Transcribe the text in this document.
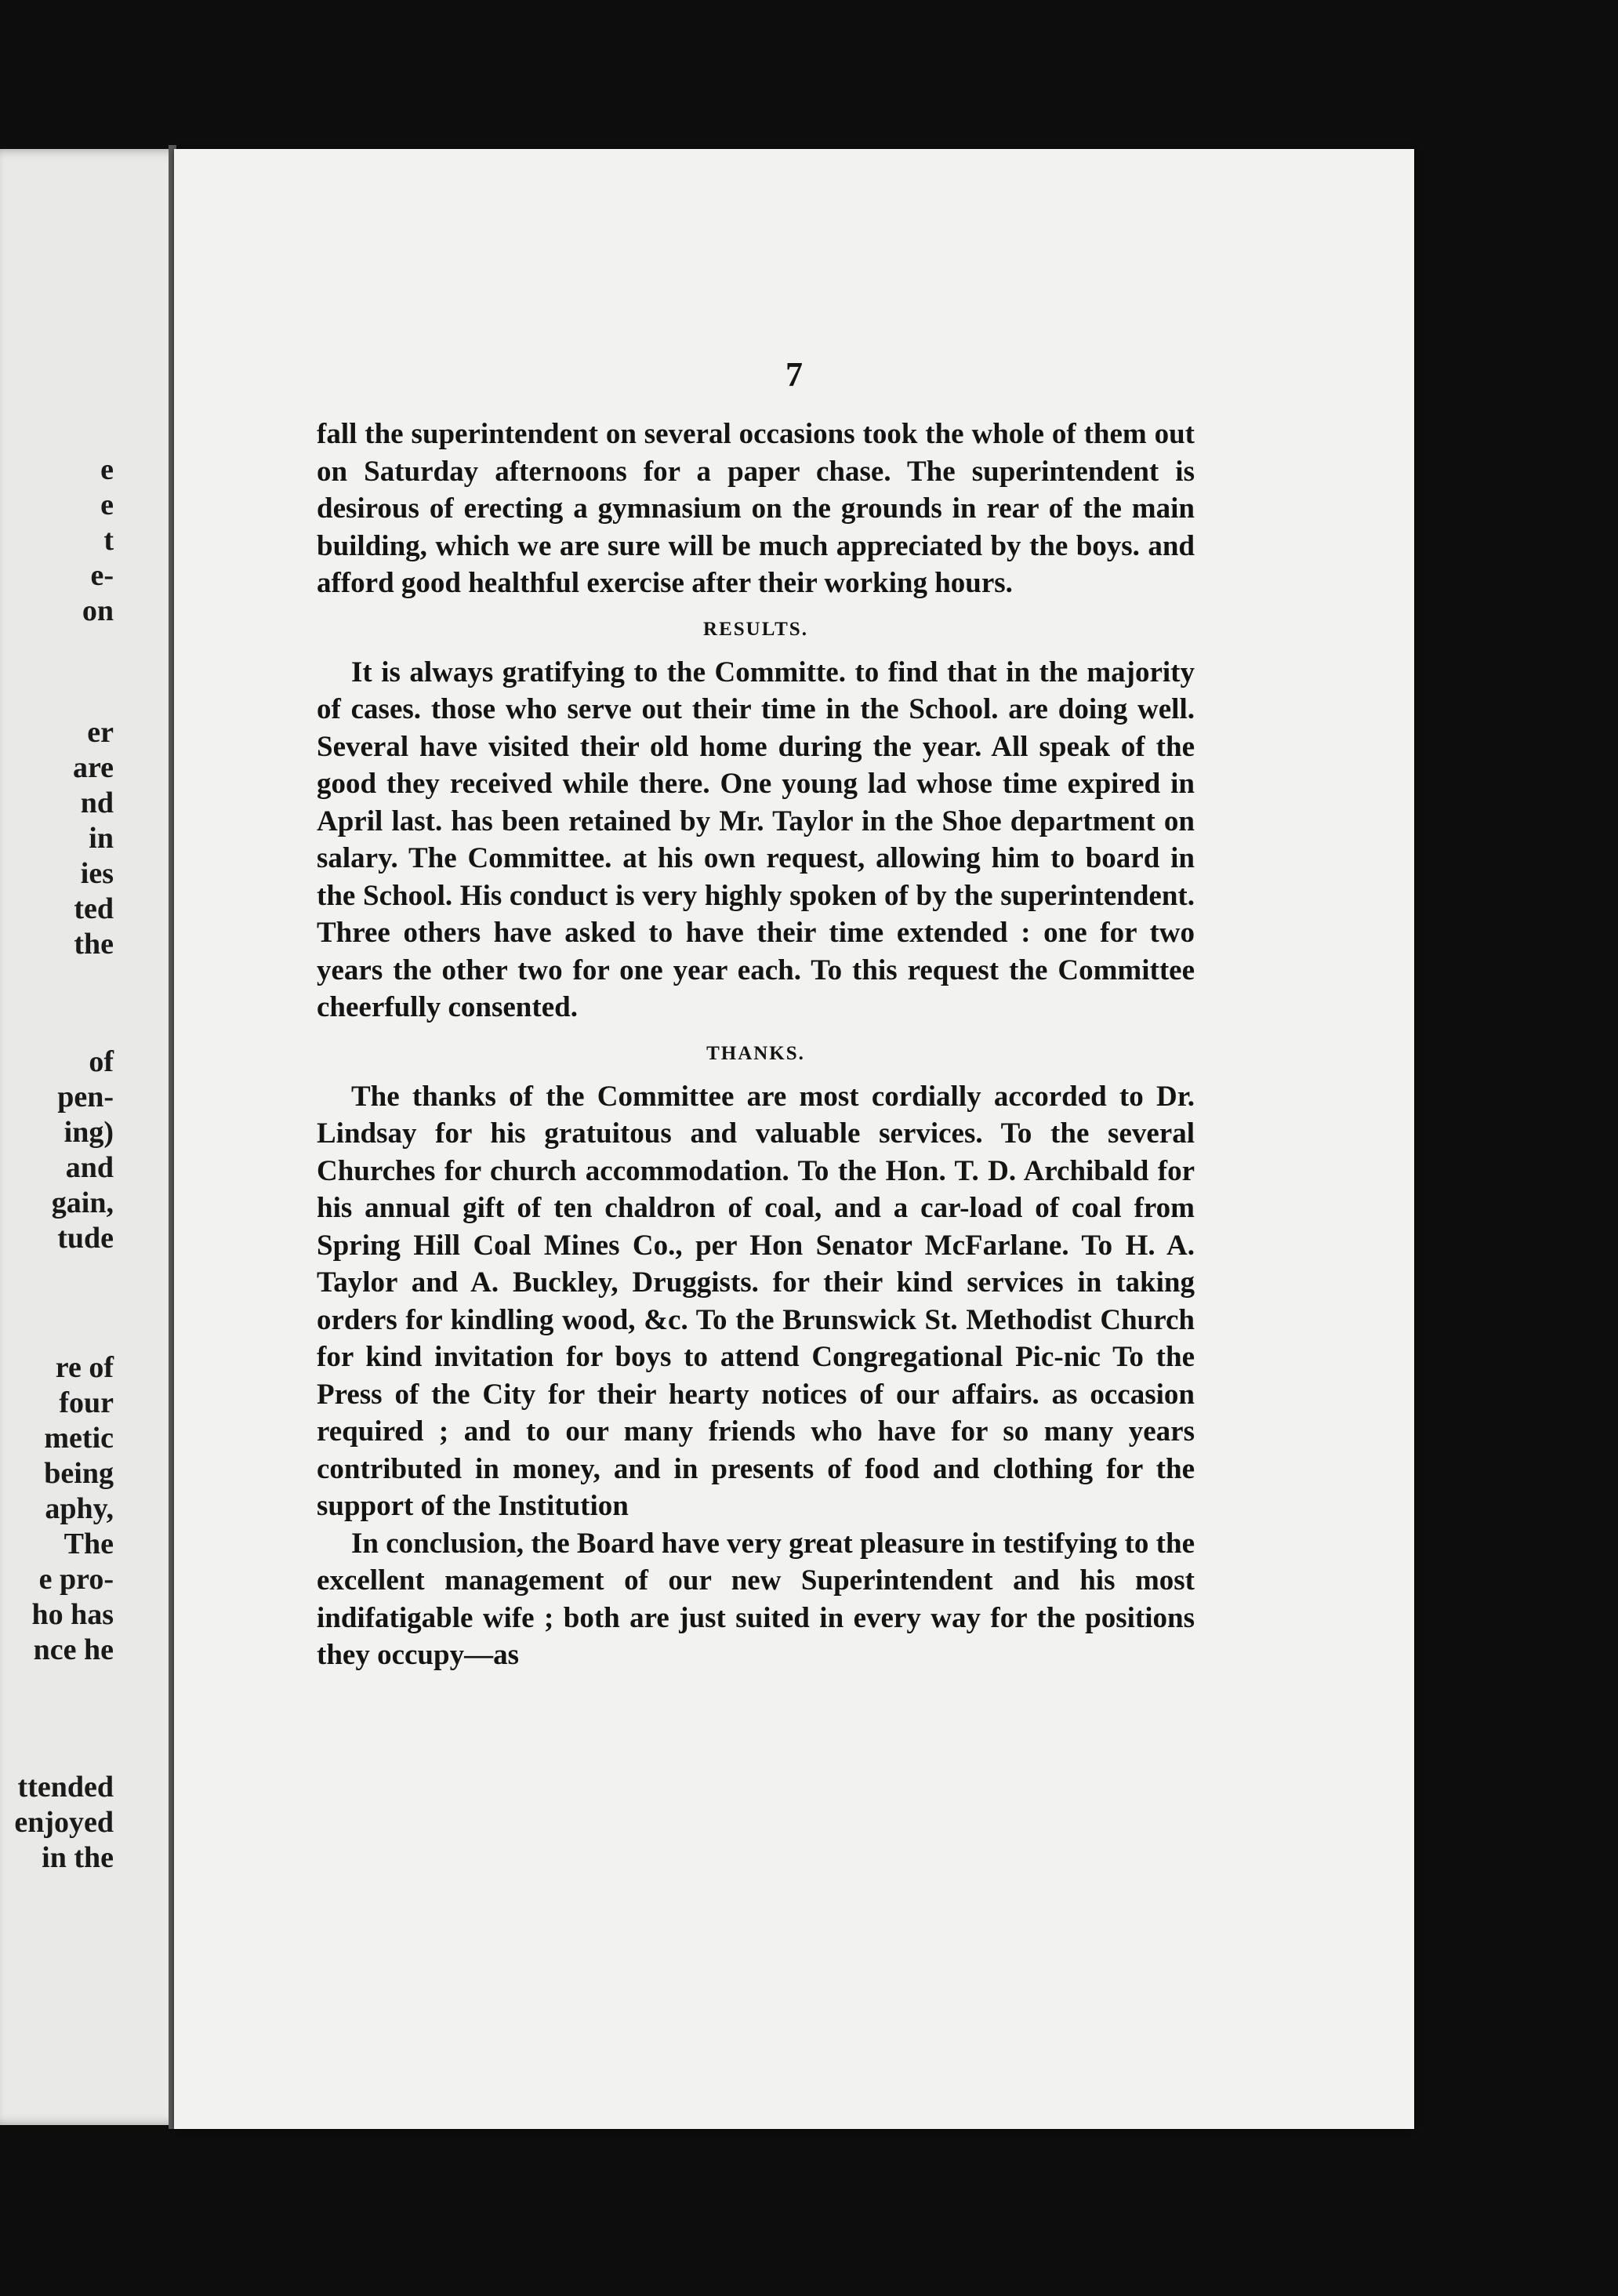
e
e
t
e-
on
er
are
nd
in
ies
ted
the
of
pen-
ing)
and
gain,
tude
re of
four
metic
being
aphy,
The
e pro-
ho has
nce he
ttended
enjoyed
in the
7

fall the superintendent on several occasions took the whole of them out on Saturday afternoons for a paper chase. The superintendent is desirous of erecting a gymnasium on the grounds in rear of the main building, which we are sure will be much appreciated by the boys. and afford good healthful exercise after their working hours.

RESULTS.

It is always gratifying to the Committe. to find that in the majority of cases. those who serve out their time in the School. are doing well. Several have visited their old home during the year. All speak of the good they received while there. One young lad whose time expired in April last. has been retained by Mr. Taylor in the Shoe department on salary. The Committee. at his own request, allowing him to board in the School. His conduct is very highly spoken of by the superintendent. Three others have asked to have their time extended : one for two years the other two for one year each. To this request the Committee cheerfully consented.

THANKS.

The thanks of the Committee are most cordially accorded to Dr. Lindsay for his gratuitous and valuable services. To the several Churches for church accommodation. To the Hon. T. D. Archibald for his annual gift of ten chaldron of coal, and a car-load of coal from Spring Hill Coal Mines Co., per Hon Senator McFarlane. To H. A. Taylor and A. Buckley, Druggists. for their kind services in taking orders for kindling wood, &c. To the Brunswick St. Methodist Church for kind invitation for boys to attend Congregational Pic-nic To the Press of the City for their hearty notices of our affairs. as occasion required ; and to our many friends who have for so many years contributed in money, and in presents of food and clothing for the support of the Institution

In conclusion, the Board have very great pleasure in testifying to the excellent management of our new Superintendent and his most indifatigable wife ; both are just suited in every way for the positions they occupy—as
